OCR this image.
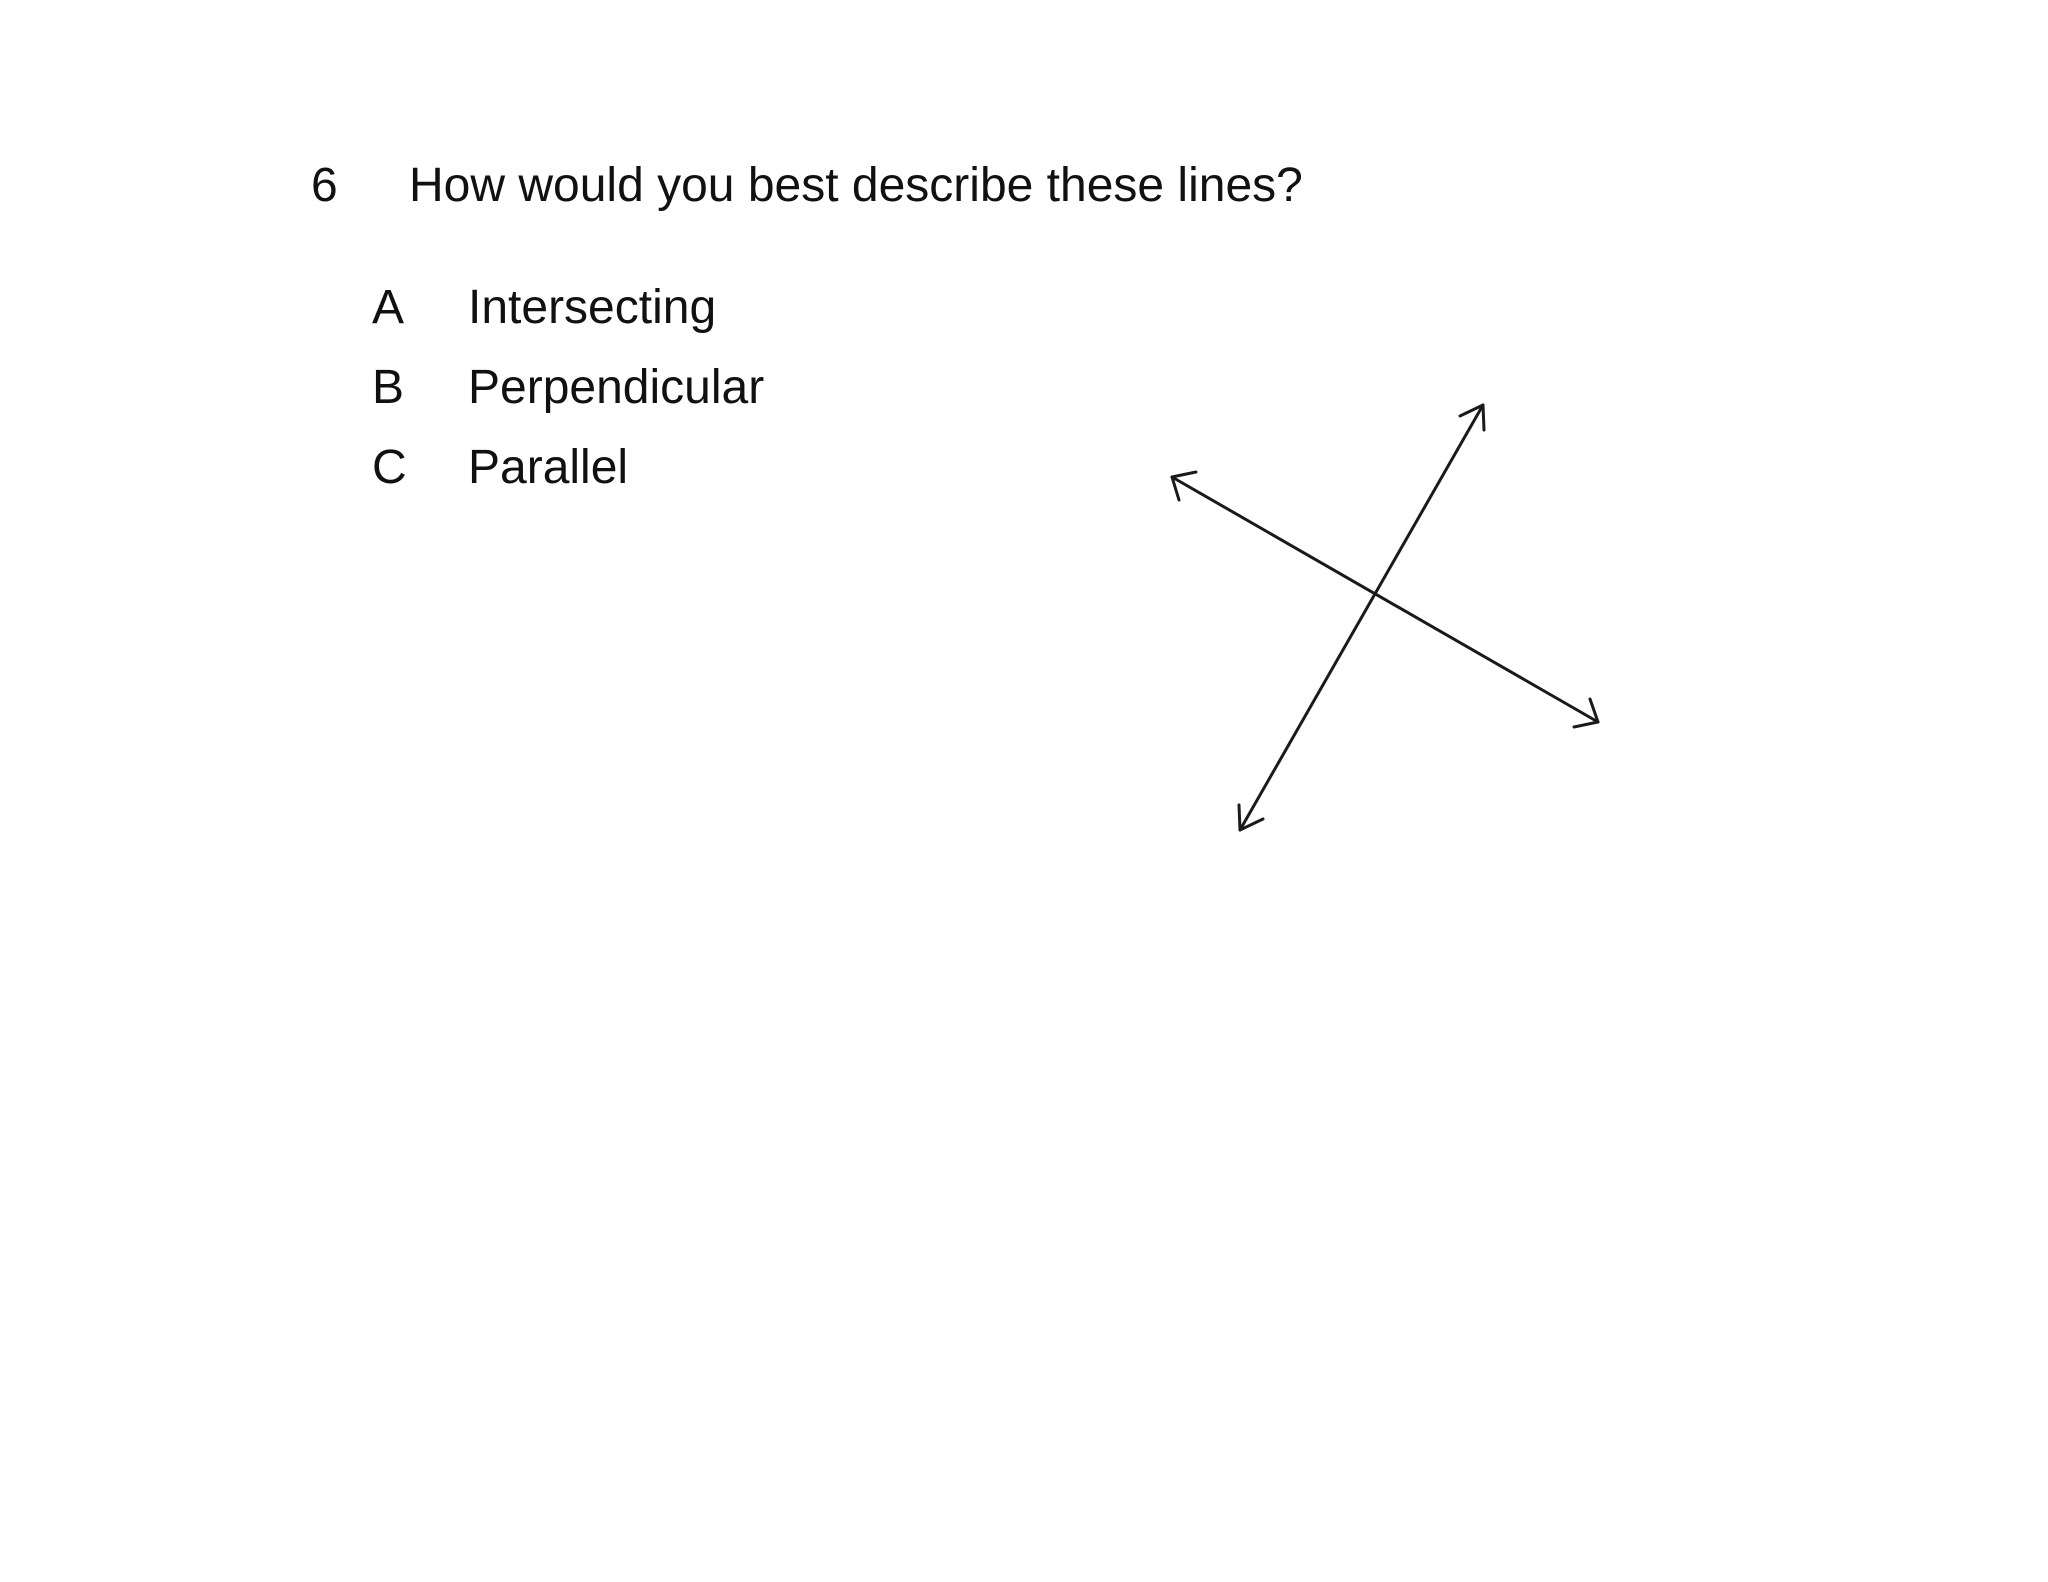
6 How would you best describe these lines?
A	Intersecting
B	Perpendicular
C	Parallel
